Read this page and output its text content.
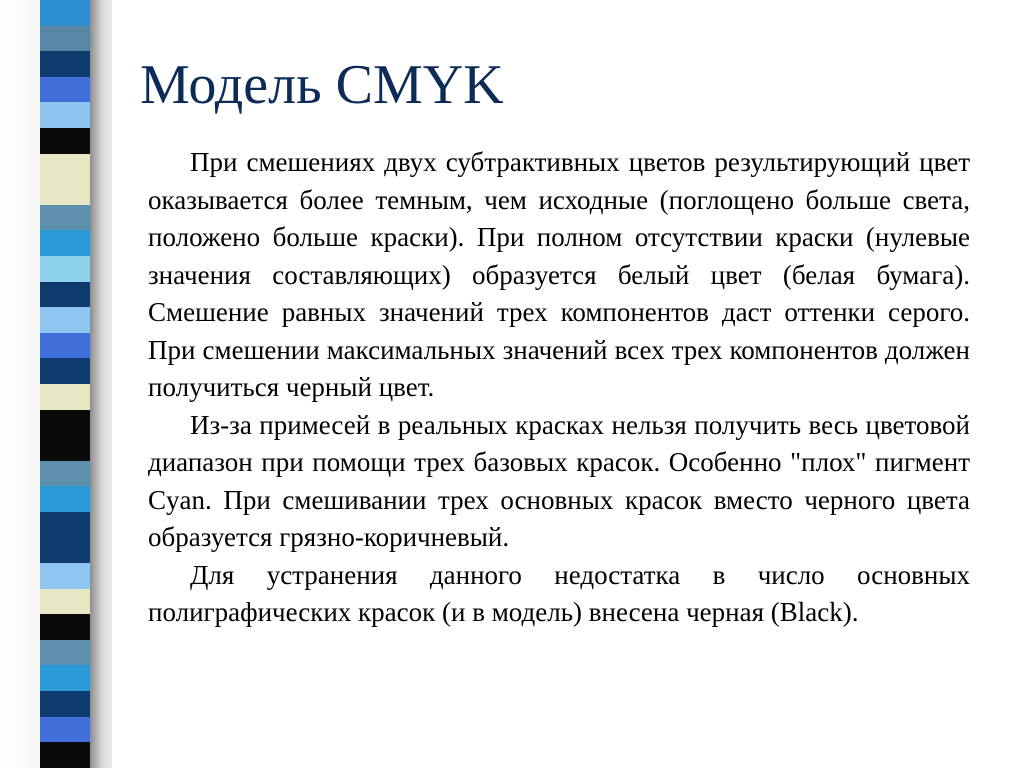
Модель CMYK

При смешениях двух субтрактивных цветов результирующий цвет оказывается более темным, чем исходные (поглощено больше света, положено больше краски). При полном отсутствии краски (нулевые значения составляющих) образуется белый цвет (белая бумага). Смешение равных значений трех компонентов даст оттенки серого. При смешении максимальных значений всех трех компонентов должен получиться черный цвет.

Из-за примесей в реальных красках нельзя получить весь цветовой диапазон при помощи трех базовых красок. Особенно "плох" пигмент Cyan. При смешивании трех основных красок вместо черного цвета образуется грязно-коричневый.

Для устранения данного недостатка в число основных полиграфических красок (и в модель) внесена черная (Black).
